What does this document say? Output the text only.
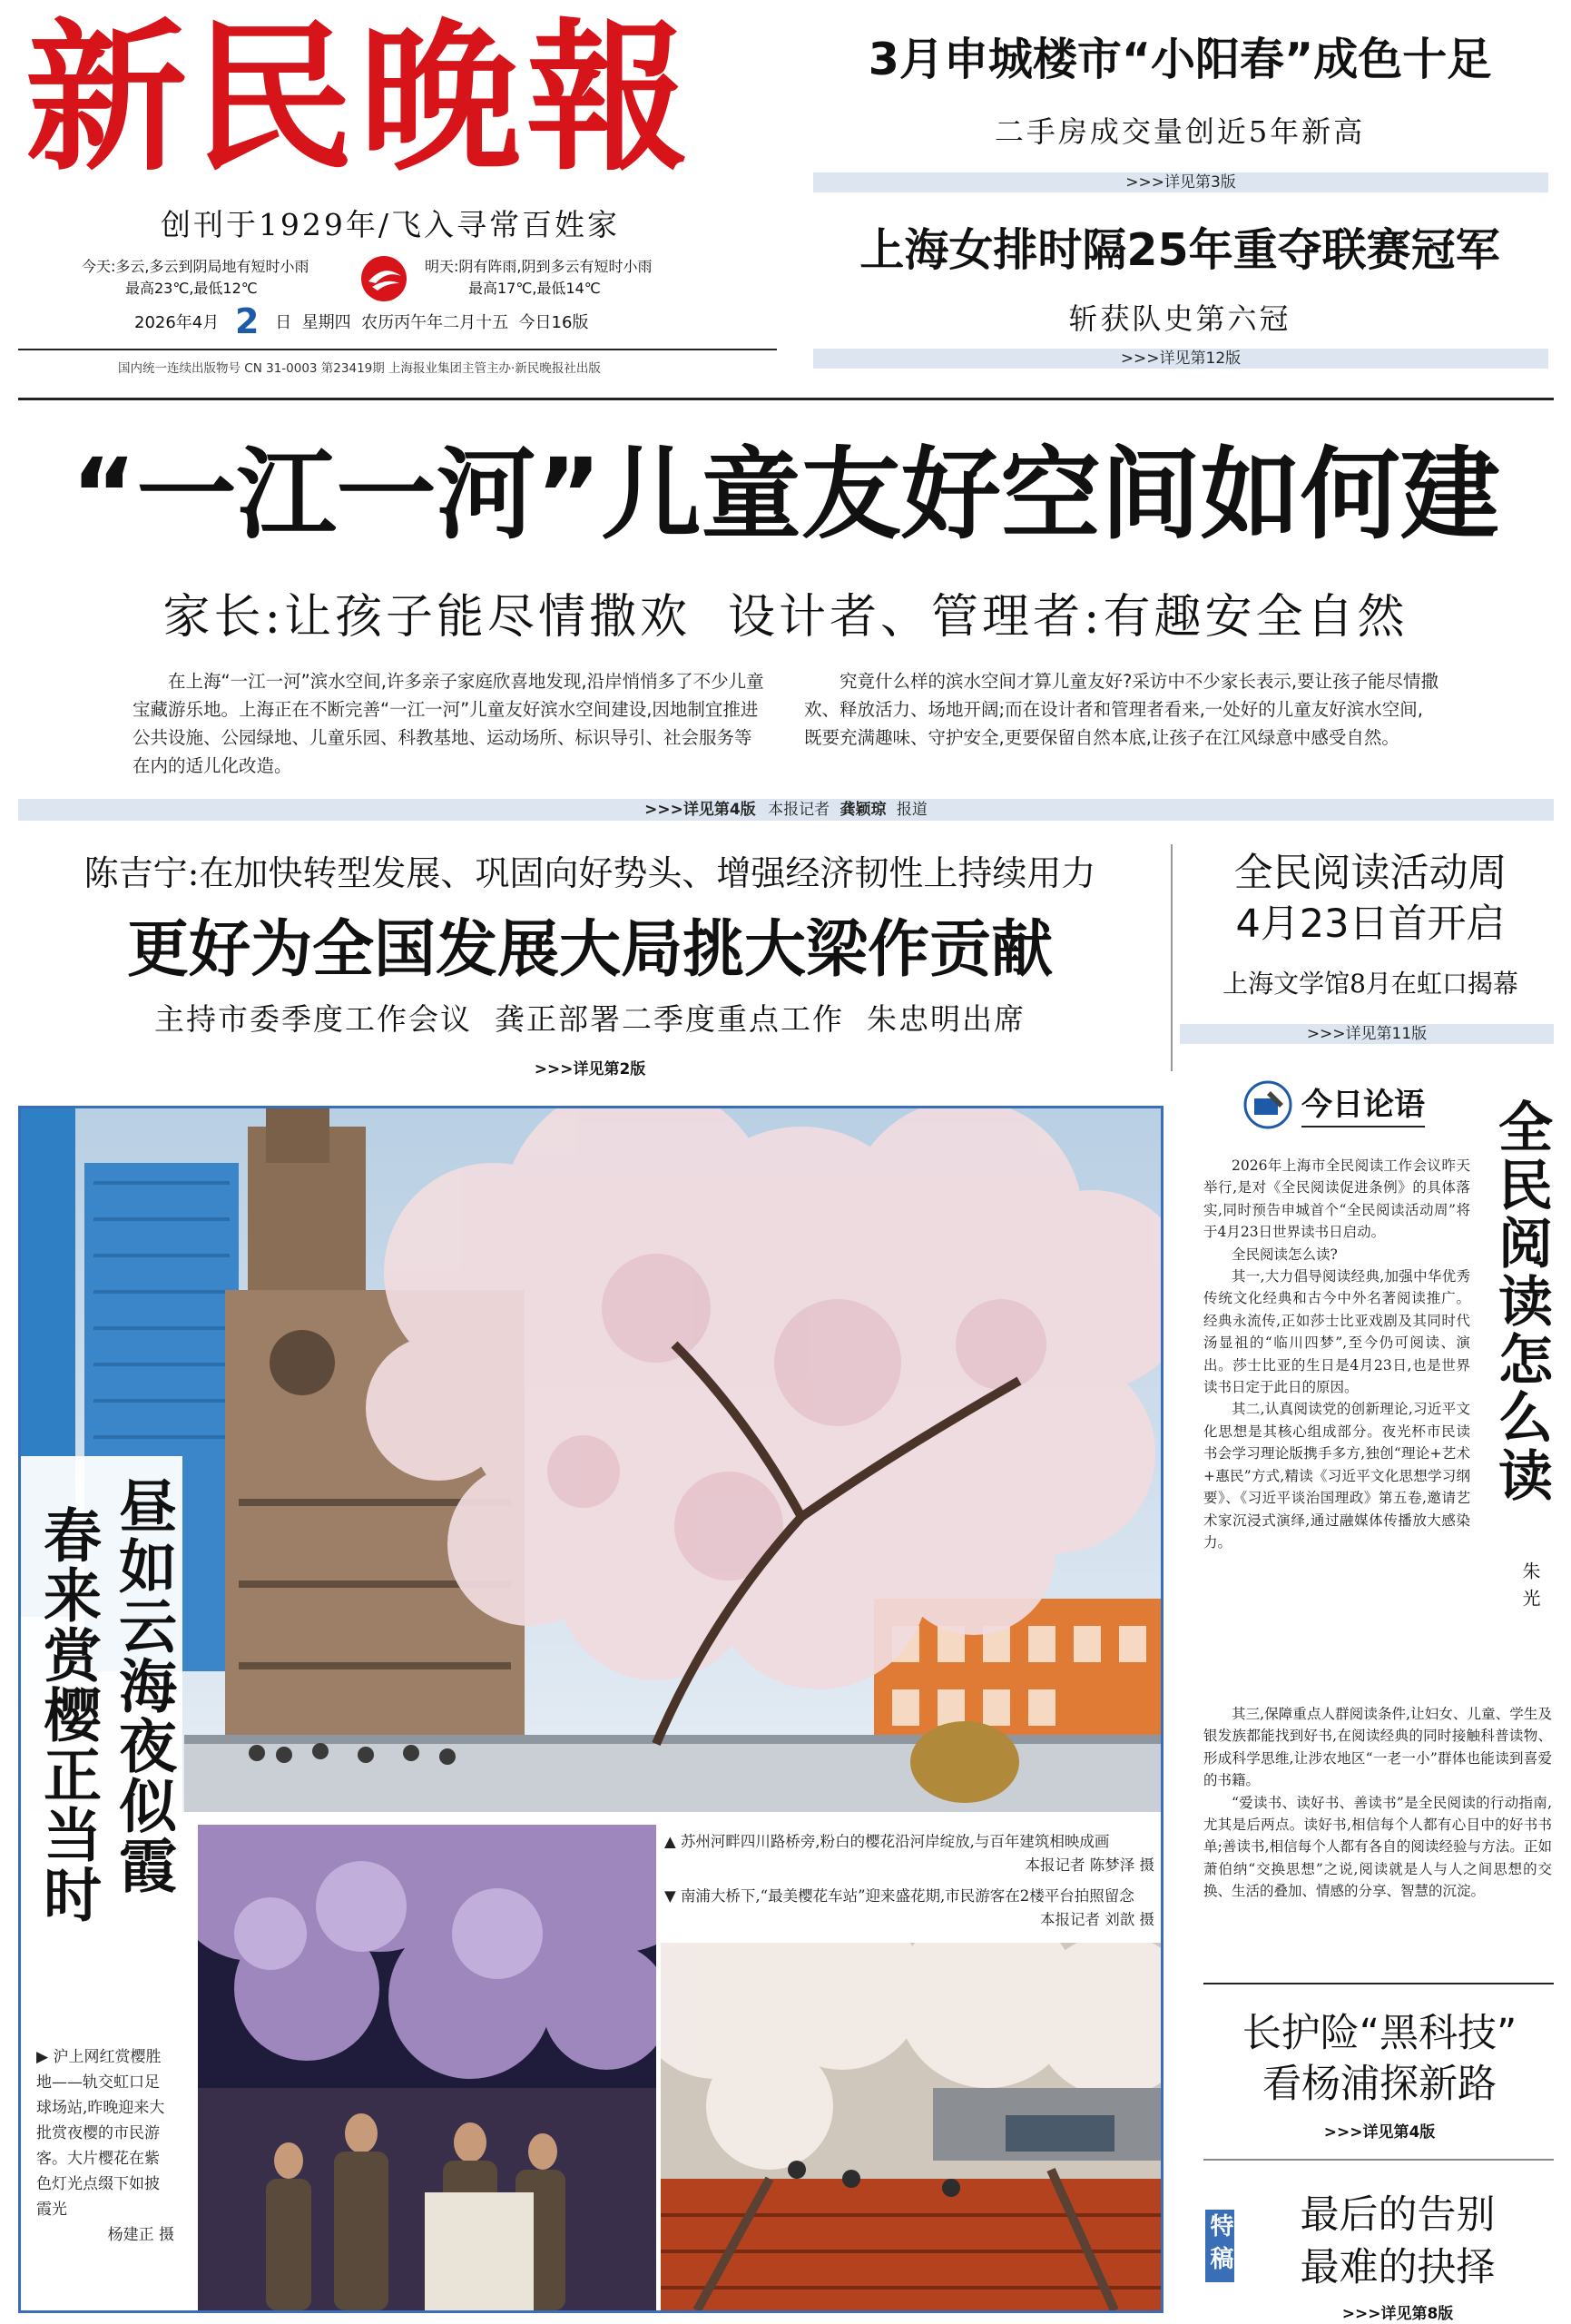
新民晚報
创刊于1929年/飞入寻常百姓家
今天:多云,多云到阴局地有短时小雨
最高23℃,最低12℃
明天:阴有阵雨,阴到多云有短时小雨
最高17℃,最低14℃
2026年4月 2 日  星期四  农历丙午年二月十五  今日16版
国内统一连续出版物号 CN 31-0003 第23419期 上海报业集团主管主办·新民晚报社出版
3月申城楼市“小阳春”成色十足
二手房成交量创近5年新高
>>>详见第3版
上海女排时隔25年重夺联赛冠军
斩获队史第六冠
>>>详见第12版
“一江一河”儿童友好空间如何建
家长:让孩子能尽情撒欢  设计者、管理者:有趣安全自然

在上海“一江一河”滨水空间,许多亲子家庭欣喜地发现,沿岸悄悄多了不少儿童宝藏游乐地。上海正在不断完善“一江一河”儿童友好滨水空间建设,因地制宜推进公共设施、公园绿地、儿童乐园、科教基地、运动场所、标识导引、社会服务等在内的适儿化改造。

究竟什么样的滨水空间才算儿童友好?采访中不少家长表示,要让孩子能尽情撒欢、释放活力、场地开阔;而在设计者和管理者看来,一处好的儿童友好滨水空间,既要充满趣味、守护安全,更要保留自然本底,让孩子在江风绿意中感受自然。

>>>详见第4版 本报记者 龚颖琼 报道
陈吉宁:在加快转型发展、巩固向好势头、增强经济韧性上持续用力
更好为全国发展大局挑大梁作贡献
主持市委季度工作会议  龚正部署二季度重点工作  朱忠明出席
>>>详见第2版
全民阅读活动周
4月23日首开启
上海文学馆8月在虹口揭幕
>>>详见第11版
昼如云海夜似霞
春来赏樱正当时	▲ 苏州河畔四川路桥旁,粉白的樱花沿河岸绽放,与百年建筑相映成画
本报记者 陈梦泽 摄
▼ 南浦大桥下,“最美樱花车站”迎来盛花期,市民游客在2楼平台拍照留念
本报记者 刘歆 摄
▶ 沪上网红赏樱胜地——轨交虹口足球场站,昨晚迎来大批赏夜樱的市民游客。大片樱花在紫色灯光点缀下如披霞光
杨建正 摄
今日论语 全民阅读怎么读
朱光

2026年上海市全民阅读工作会议昨天举行,是对《全民阅读促进条例》的具体落实,同时预告申城首个“全民阅读活动周”将于4月23日世界读书日启动。

全民阅读怎么读?

其一,大力倡导阅读经典,加强中华优秀传统文化经典和古今中外名著阅读推广。经典永流传,正如莎士比亚戏剧及其同时代汤显祖的“临川四梦”,至今仍可阅读、演出。莎士比亚的生日是4月23日,也是世界读书日定于此日的原因。

其二,认真阅读党的创新理论,习近平文化思想是其核心组成部分。夜光杯市民读书会学习理论版携手多方,独创“理论+艺术+惠民”方式,精读《习近平文化思想学习纲要》、《习近平谈治国理政》第五卷,邀请艺术家沉浸式演绎,通过融媒体传播放大感染力。

其三,保障重点人群阅读条件,让妇女、儿童、学生及银发族都能找到好书,在阅读经典的同时接触科普读物、形成科学思维,让涉农地区“一老一小”群体也能读到喜爱的书籍。

“爱读书、读好书、善读书”是全民阅读的行动指南,尤其是后两点。读好书,相信每个人都有心目中的好书书单;善读书,相信每个人都有各自的阅读经验与方法。正如萧伯纳“交换思想”之说,阅读就是人与人之间思想的交换、生活的叠加、情感的分享、智慧的沉淀。

长护险“黑科技”
看杨浦探新路
>>>详见第4版
特稿	最后的告别
最难的抉择
>>>详见第8版
